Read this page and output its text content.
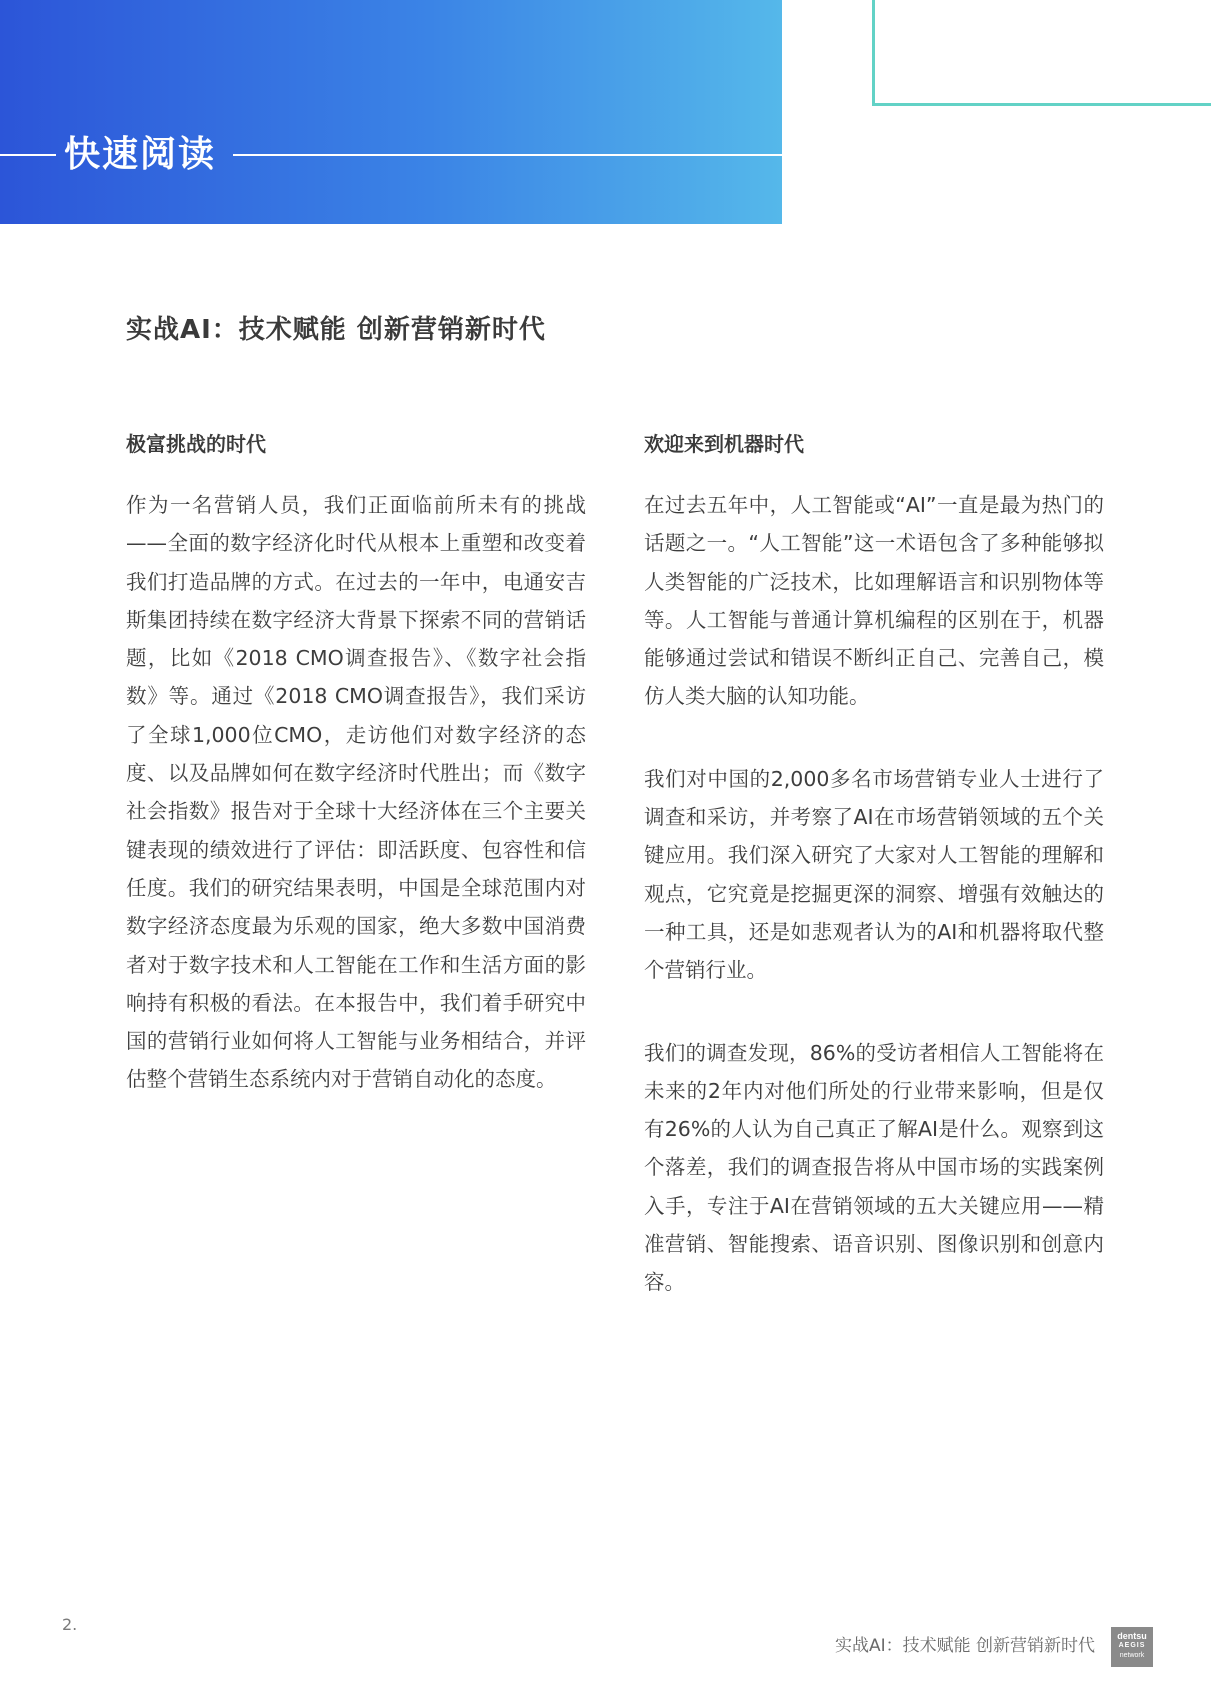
快速阅读
实战AI：技术赋能 创新营销新时代
极富挑战的时代

作为一名营销人员，我们正面临前所未有的挑战——全面的数字经济化时代从根本上重塑和改变着我们打造品牌的方式。在过去的一年中，电通安吉斯集团持续在数字经济大背景下探索不同的营销话题，比如《2018 CMO调查报告》、《数字社会指数》等。通过《2018 CMO调查报告》，我们采访了全球1,000位CMO，走访他们对数字经济的态度、以及品牌如何在数字经济时代胜出；而《数字社会指数》报告对于全球十大经济体在三个主要关键表现的绩效进行了评估：即活跃度、包容性和信任度。我们的研究结果表明，中国是全球范围内对数字经济态度最为乐观的国家，绝大多数中国消费者对于数字技术和人工智能在工作和生活方面的影响持有积极的看法。在本报告中，我们着手研究中国的营销行业如何将人工智能与业务相结合，并评估整个营销生态系统内对于营销自动化的态度。

欢迎来到机器时代

在过去五年中，人工智能或“AI”一直是最为热门的话题之一。“人工智能”这一术语包含了多种能够拟人类智能的广泛技术，比如理解语言和识别物体等等。人工智能与普通计算机编程的区别在于，机器能够通过尝试和错误不断纠正自己、完善自己，模仿人类大脑的认知功能。

我们对中国的2,000多名市场营销专业人士进行了调查和采访，并考察了AI在市场营销领域的五个关键应用。我们深入研究了大家对人工智能的理解和观点，它究竟是挖掘更深的洞察、增强有效触达的一种工具，还是如悲观者认为的AI和机器将取代整个营销行业。

我们的调查发现，86%的受访者相信人工智能将在未来的2年内对他们所处的行业带来影响，但是仅有26%的人认为自己真正了解AI是什么。观察到这个落差，我们的调查报告将从中国市场的实践案例入手，专注于AI在营销领域的五大关键应用——精准营销、智能搜索、语音识别、图像识别和创意内容。

2.
实战AI：技术赋能 创新营销新时代	dentsu
AEGIS
network
